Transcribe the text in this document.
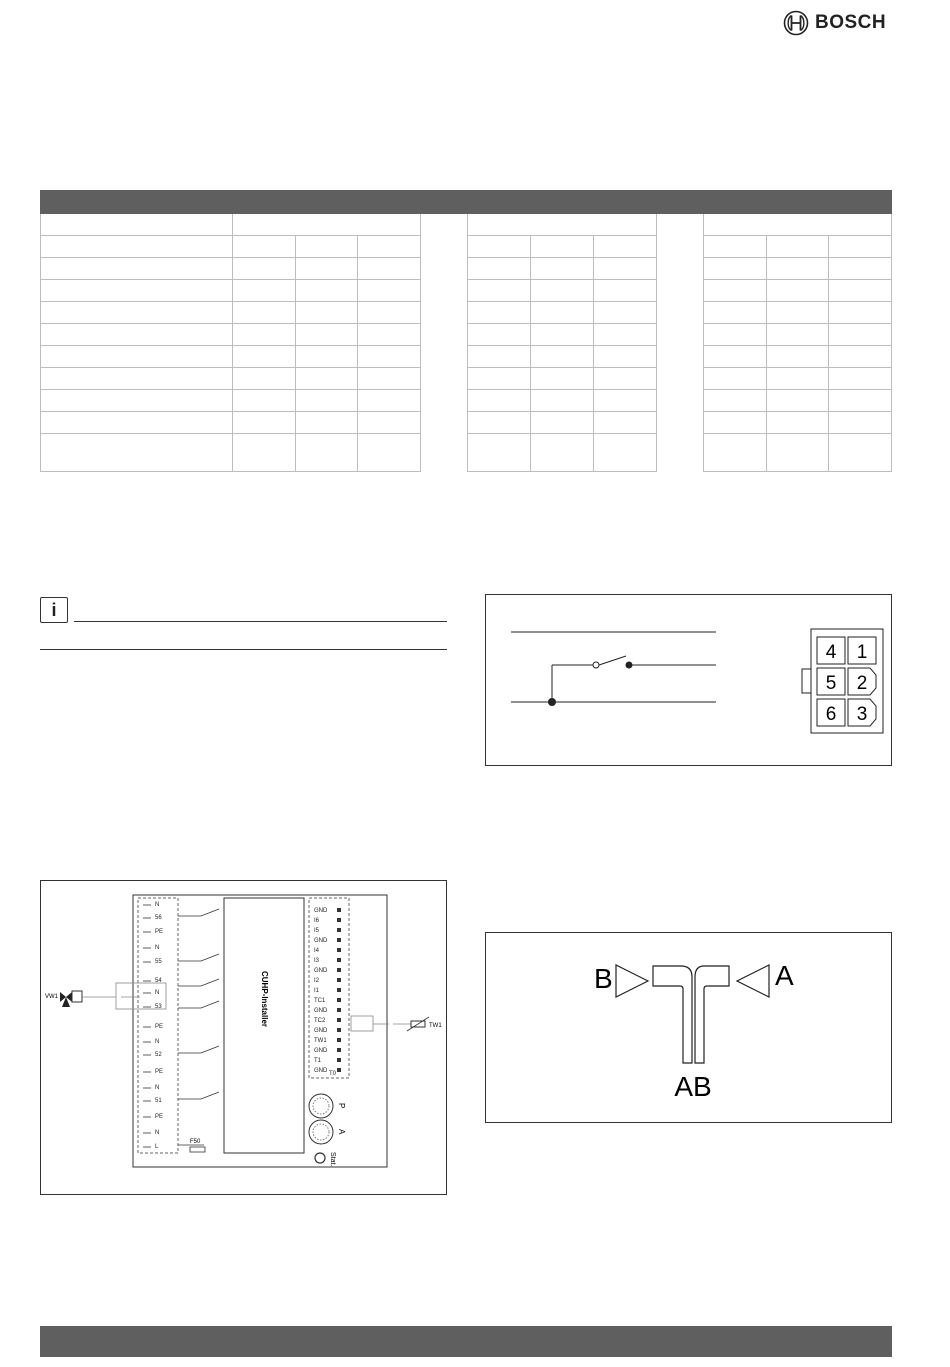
BOSCH

i
4 1
5 2
6 3
B	A
AB
CUHP-Installer
N
56
PE
N
55
54
N
53
PE
N
52
PE
N
51
PE
N
L
F50
VW1
GND
I6
I5
GND
I4
I3
GND
I2
I1
TC1
GND
TC2
GND
TW1
GND
T1
GND T0
TW1
P
A
Stat.
